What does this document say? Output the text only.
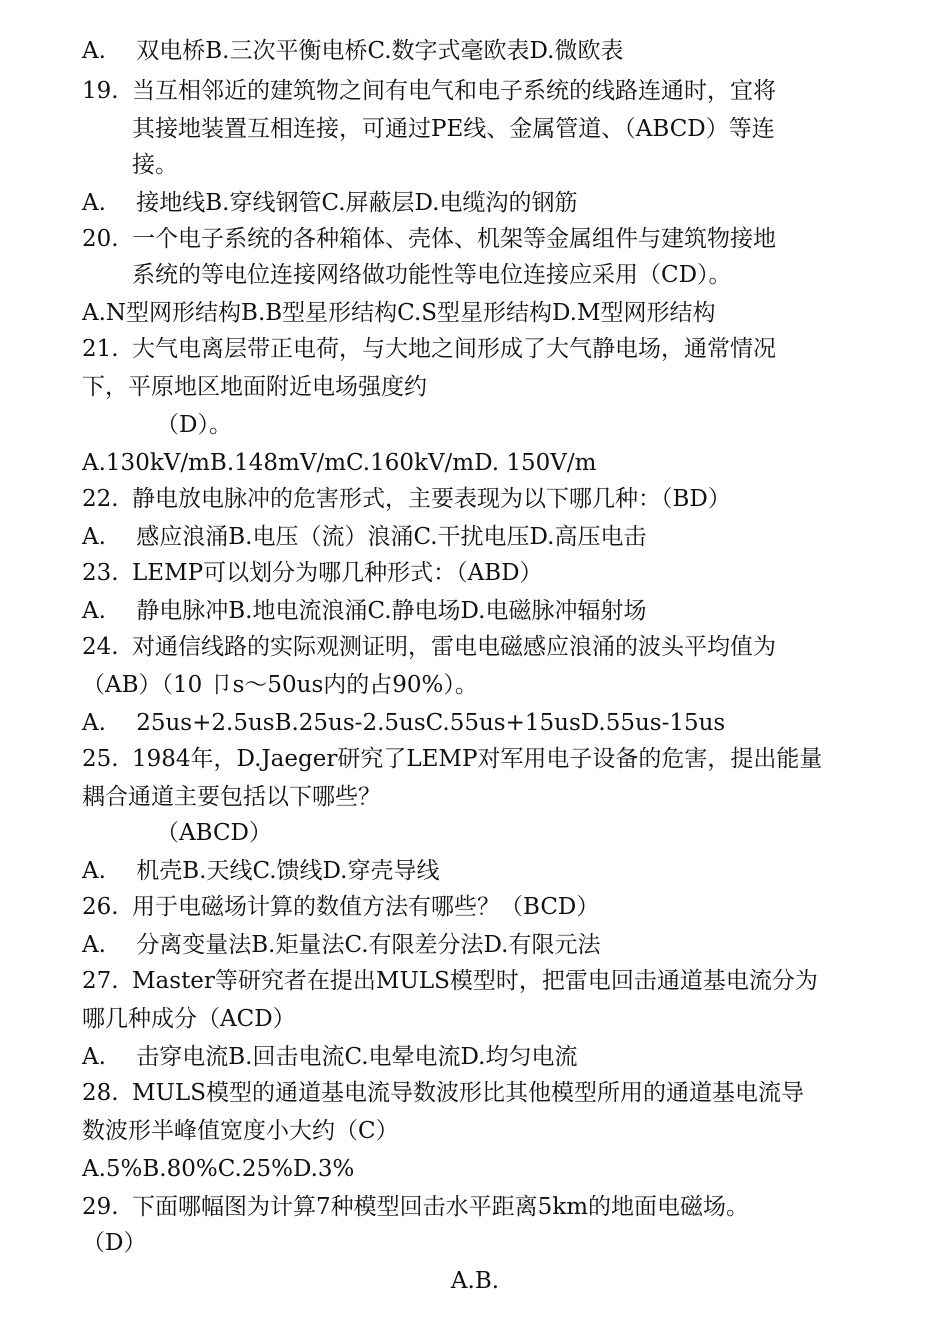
A.　 双电桥B.三次平衡电桥C.数字式毫欧表D.微欧表
19. 当互相邻近的建筑物之间有电气和电子系统的线路连通时，宜将
其接地装置互相连接，可通过PE线、金属管道、（ABCD）等连
接。
A.　 接地线B.穿线钢管C.屏蔽层D.电缆沟的钢筋
20. 一个电子系统的各种箱体、壳体、机架等金属组件与建筑物接地
系统的等电位连接网络做功能性等电位连接应采用（CD）。
A.N型网形结构B.B型星形结构C.S型星形结构D.M型网形结构
21. 大气电离层带正电荷，与大地之间形成了大气静电场，通常情况
下，平原地区地面附近电场强度约
（D）。
A.130kV/mB.148mV/mC.160kV/mD. 150V/m
22. 静电放电脉冲的危害形式，主要表现为以下哪几种：（BD）
A.　 感应浪涌B.电压（流）浪涌C.干扰电压D.高压电击
23. LEMP可以划分为哪几种形式：（ABD）
A.　 静电脉冲B.地电流浪涌C.静电场D.电磁脉冲辐射场
24. 对通信线路的实际观测证明，雷电电磁感应浪涌的波头平均值为
（AB）（10 卩s〜50us内的占90%）。
A.　 25us+2.5usB.25us-2.5usC.55us+15usD.55us-15us
25. 1984年，D.Jaeger研究了LEMP对军用电子设备的危害，提出能量
耦合通道主要包括以下哪些？
（ABCD）
A.　 机壳B.天线C.馈线D.穿壳导线
26. 用于电磁场计算的数值方法有哪些？（BCD）
A.　 分离变量法B.矩量法C.有限差分法D.有限元法
27. Master等研究者在提出MULS模型时，把雷电回击通道基电流分为
哪几种成分（ACD）
A.　 击穿电流B.回击电流C.电晕电流D.均匀电流
28. MULS模型的通道基电流导数波形比其他模型所用的通道基电流导
数波形半峰值宽度小大约（C）
A.5%B.80%C.25%D.3%
29. 下面哪幅图为计算7种模型回击水平距离5km的地面电磁场。
（D）
A.B.
